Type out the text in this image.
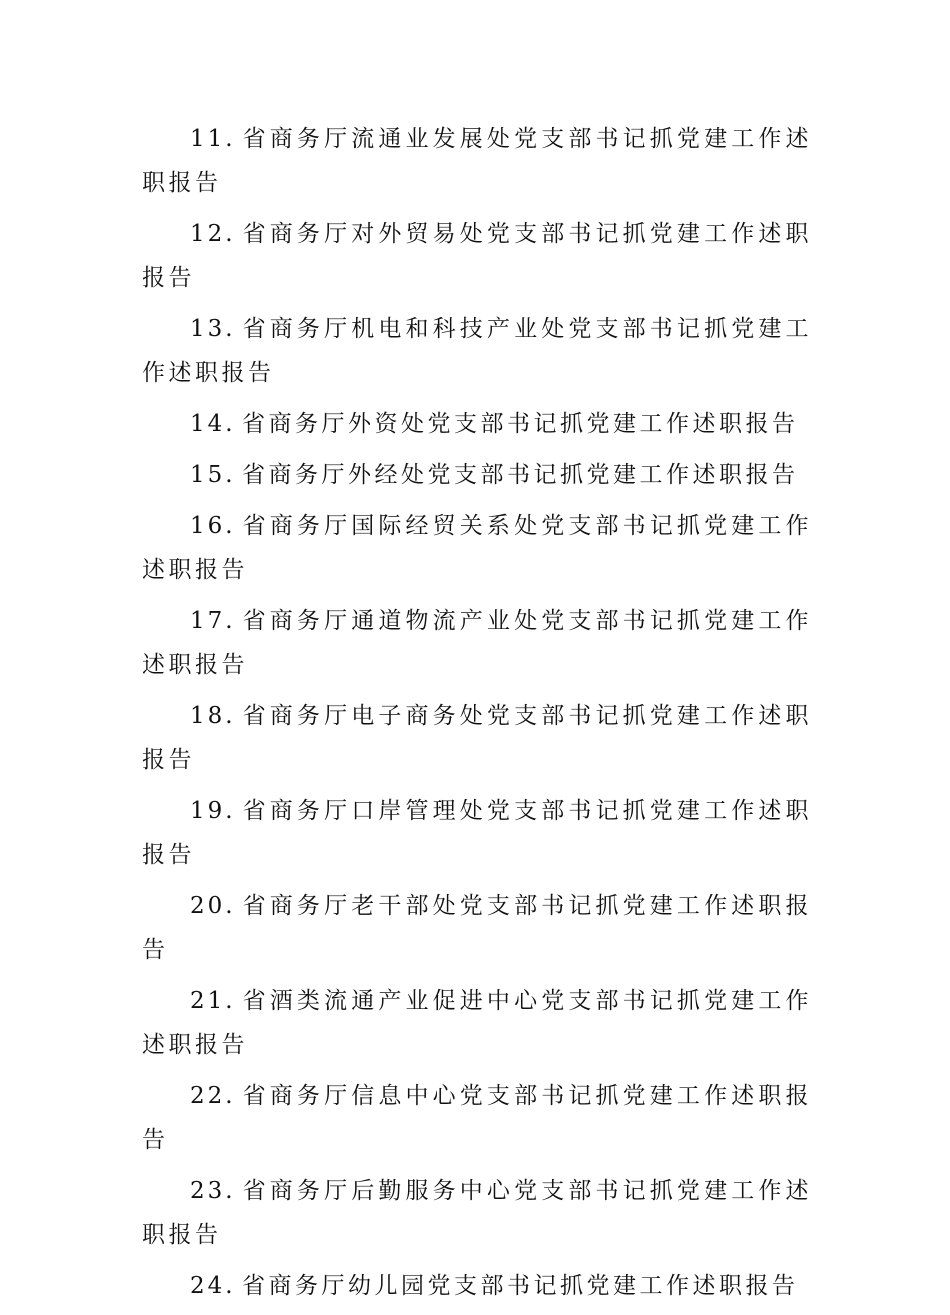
11. 省商务厅流通业发展处党支部书记抓党建工作述职报告

12. 省商务厅对外贸易处党支部书记抓党建工作述职报告

13. 省商务厅机电和科技产业处党支部书记抓党建工作述职报告

14. 省商务厅外资处党支部书记抓党建工作述职报告

15. 省商务厅外经处党支部书记抓党建工作述职报告

16. 省商务厅国际经贸关系处党支部书记抓党建工作述职报告

17. 省商务厅通道物流产业处党支部书记抓党建工作述职报告

18. 省商务厅电子商务处党支部书记抓党建工作述职报告

19. 省商务厅口岸管理处党支部书记抓党建工作述职报告

20. 省商务厅老干部处党支部书记抓党建工作述职报告

21. 省酒类流通产业促进中心党支部书记抓党建工作述职报告

22. 省商务厅信息中心党支部书记抓党建工作述职报告

23. 省商务厅后勤服务中心党支部书记抓党建工作述职报告

24. 省商务厅幼儿园党支部书记抓党建工作述职报告
